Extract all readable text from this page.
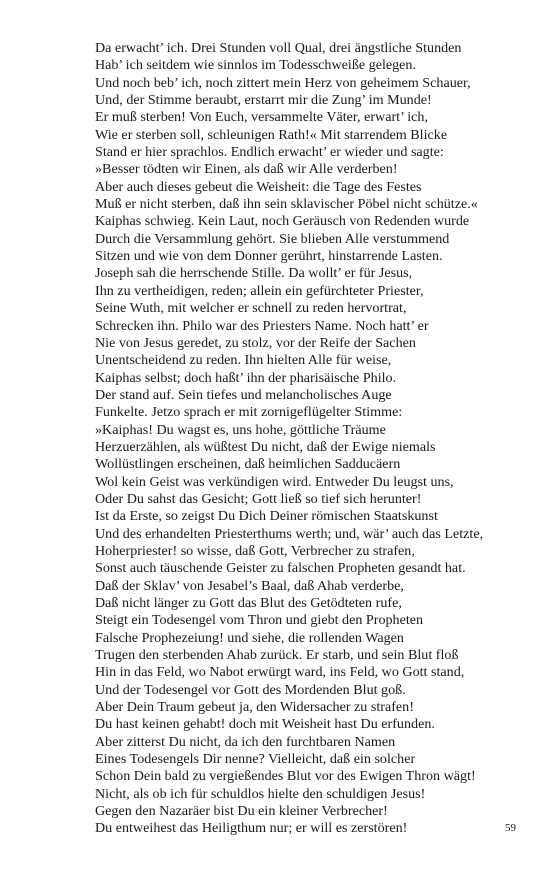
Da erwacht’ ich. Drei Stunden voll Qual, drei ängstliche Stunden
Hab’ ich seitdem wie sinnlos im Todesschweiße gelegen.
Und noch beb’ ich, noch zittert mein Herz von geheimem Schauer,
Und, der Stimme beraubt, erstarrt mir die Zung’ im Munde!
Er muß sterben! Von Euch, versammelte Väter, erwart’ ich,
Wie er sterben soll, schleunigen Rath!« Mit starrendem Blicke
Stand er hier sprachlos. Endlich erwacht’ er wieder und sagte:
»Besser tödten wir Einen, als daß wir Alle verderben!
Aber auch dieses gebeut die Weisheit: die Tage des Festes
Muß er nicht sterben, daß ihn sein sklavischer Pöbel nicht schütze.«
Kaiphas schwieg. Kein Laut, noch Geräusch von Redenden wurde
Durch die Versammlung gehört. Sie blieben Alle verstummend
Sitzen und wie von dem Donner gerührt, hinstarrende Lasten.
Joseph sah die herrschende Stille. Da wollt’ er für Jesus,
Ihn zu vertheidigen, reden; allein ein gefürchteter Priester,
Seine Wuth, mit welcher er schnell zu reden hervortrat,
Schrecken ihn. Philo war des Priesters Name. Noch hatt’ er
Nie von Jesus geredet, zu stolz, vor der Reife der Sachen
Unentscheidend zu reden. Ihn hielten Alle für weise,
Kaiphas selbst; doch haßt’ ihn der pharisäische Philo.
Der stand auf. Sein tiefes und melancholisches Auge
Funkelte. Jetzo sprach er mit zornigeflügelter Stimme:
»Kaiphas! Du wagst es, uns hohe, göttliche Träume
Herzuerzählen, als wüßtest Du nicht, daß der Ewige niemals
Wollüstlingen erscheinen, daß heimlichen Sadducäern
Wol kein Geist was verkündigen wird. Entweder Du leugst uns,
Oder Du sahst das Gesicht; Gott ließ so tief sich herunter!
Ist da Erste, so zeigst Du Dich Deiner römischen Staatskunst
Und des erhandelten Priesterthums werth; und, wär’ auch das Letzte,
Hoherpriester! so wisse, daß Gott, Verbrecher zu strafen,
Sonst auch täuschende Geister zu falschen Propheten gesandt hat.
Daß der Sklav’ von Jesabel’s Baal, daß Ahab verderbe,
Daß nicht länger zu Gott das Blut des Getödteten rufe,
Steigt ein Todesengel vom Thron und giebt den Propheten
Falsche Prophezeiung! und siehe, die rollenden Wagen
Trugen den sterbenden Ahab zurück. Er starb, und sein Blut floß
Hin in das Feld, wo Nabot erwürgt ward, ins Feld, wo Gott stand,
Und der Todesengel vor Gott des Mordenden Blut goß.
Aber Dein Traum gebeut ja, den Widersacher zu strafen!
Du hast keinen gehabt! doch mit Weisheit hast Du erfunden.
Aber zitterst Du nicht, da ich den furchtbaren Namen
Eines Todesengels Dir nenne? Vielleicht, daß ein solcher
Schon Dein bald zu vergießendes Blut vor des Ewigen Thron wägt!
Nicht, als ob ich für schuldlos hielte den schuldigen Jesus!
Gegen den Nazaräer bist Du ein kleiner Verbrecher!
Du entweihest das Heiligthum nur; er will es zerstören!	59
